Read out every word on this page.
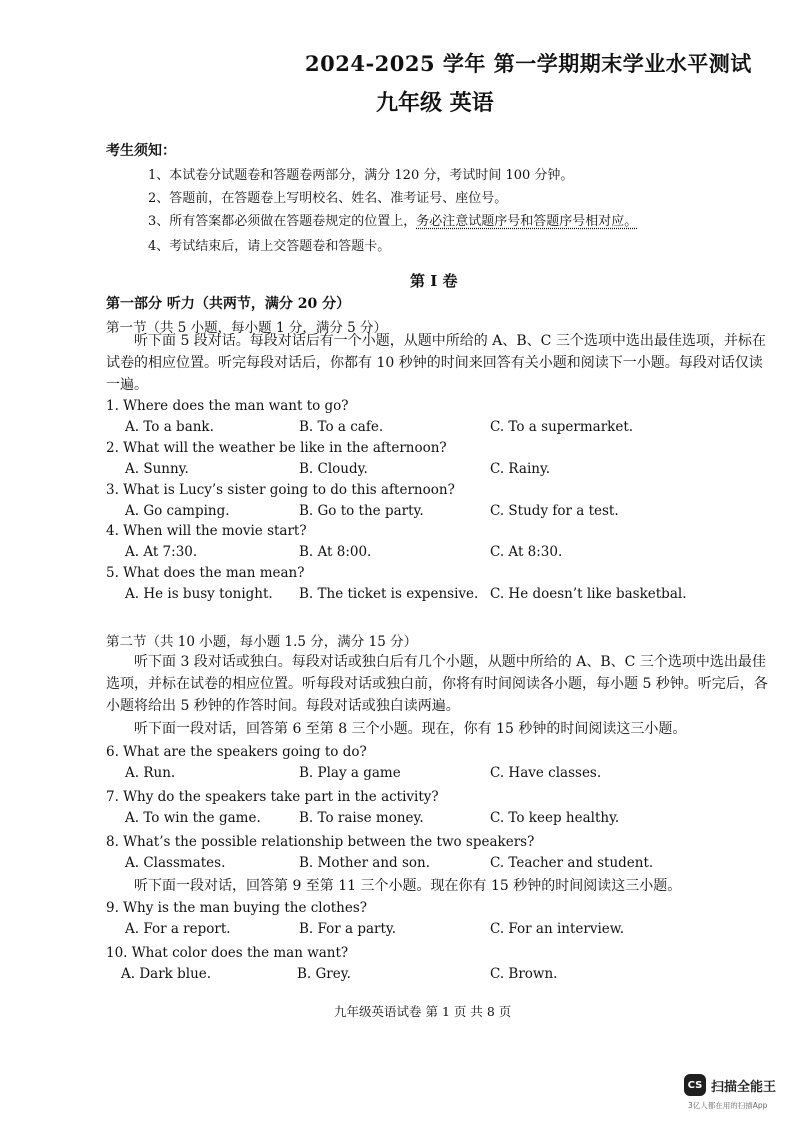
2024-2025 学年 第一学期期末学业水平测试
九年级 英语
考生须知：
1、本试卷分试题卷和答题卷两部分，满分 120 分，考试时间 100 分钟。
2、答题前，在答题卷上写明校名、姓名、准考证号、座位号。
3、所有答案都必须做在答题卷规定的位置上，务必注意试题序号和答题序号相对应。
4、考试结束后，请上交答题卷和答题卡。
第 I 卷
第一部分 听力（共两节，满分 20 分）
第一节（共 5 小题，每小题 1 分，满分 5 分）

听下面 5 段对话。每段对话后有一个小题，从题中所给的 A、B、C 三个选项中选出最佳选项，并标在试卷的相应位置。听完每段对话后，你都有 10 秒钟的时间来回答有关小题和阅读下一小题。每段对话仅读一遍。

1. Where does the man want to go?
A. To a bank.	B. To a cafe.	C. To a supermarket.
2. What will the weather be like in the afternoon?
A. Sunny.	B. Cloudy.	C. Rainy.
3. What is Lucy’s sister going to do this afternoon?
A. Go camping.	B. Go to the party.	C. Study for a test.
4. When will the movie start?
A. At 7:30.	B. At 8:00.	C. At 8:30.
5. What does the man mean?
A. He is busy tonight. B. The ticket is expensive. C. He doesn’t like basketbal.
第二节（共 10 小题，每小题 1.5 分，满分 15 分）

听下面 3 段对话或独白。每段对话或独白后有几个小题，从题中所给的 A、B、C 三个选项中选出最佳选项，并标在试卷的相应位置。听每段对话或独白前，你将有时间阅读各小题，每小题 5 秒钟。听完后，各小题将给出 5 秒钟的作答时间。每段对话或独白读两遍。

听下面一段对话，回答第 6 至第 8 三个小题。现在，你有 15 秒钟的时间阅读这三小题。

6. What are the speakers going to do?
A. Run.	B. Play a game	C. Have classes.
7. Why do the speakers take part in the activity?
A. To win the game.	B. To raise money.	C. To keep healthy.
8. What’s the possible relationship between the two speakers?
A. Classmates.	B. Mother and son.	C. Teacher and student.

听下面一段对话，回答第 9 至第 11 三个小题。现在你有 15 秒钟的时间阅读这三小题。

9. Why is the man buying the clothes?
A. For a report.	B. For a party.	C. For an interview.
10. What color does the man want?
A. Dark blue.	B. Grey.	C. Brown.
九年级英语试卷 第 1 页 共 8 页
CS 扫描全能王
3亿人都在用的扫描App
